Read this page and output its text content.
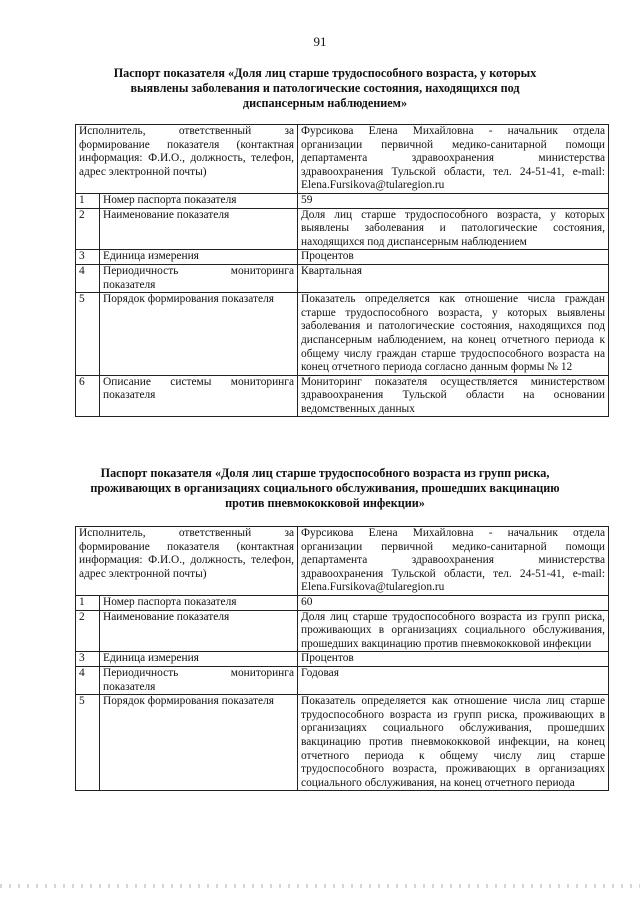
91
Паспорт показателя «Доля лиц старше трудоспособного возраста, у которых выявлены заболевания и патологические состояния, находящихся под диспансерным наблюдением»
Исполнитель, ответственный за формирование показателя (контактная информация: Ф.И.О., должность, телефон, адрес электронной почты)		Фурсикова Елена Михайловна - начальник отдела организации первичной медико-санитарной помощи департамента здравоохранения министерства здравоохранения Тульской области, тел. 24-51-41, e-mail: Elena.Fursikova@tularegion.ru
1	Номер паспорта показателя	59
2	Наименование показателя	Доля лиц старше трудоспособного возраста, у которых выявлены заболевания и патологические состояния, находящихся под диспансерным наблюдением
3	Единица измерения	Процентов
4	Периодичность мониторинга показателя	Квартальная
5	Порядок формирования показателя	Показатель определяется как отношение числа граждан старше трудоспособного возраста, у которых выявлены заболевания и патологические состояния, находящихся под диспансерным наблюдением, на конец отчетного периода к общему числу граждан старше трудоспособного возраста на конец отчетного периода согласно данным формы № 12
6	Описание системы мониторинга показателя	Мониторинг показателя осуществляется министерством здравоохранения Тульской области на основании ведомственных данных
Паспорт показателя «Доля лиц старше трудоспособного возраста из групп риска, проживающих в организациях социального обслуживания, прошедших вакцинацию против пневмококковой инфекции»
Исполнитель, ответственный за формирование показателя (контактная информация: Ф.И.О., должность, телефон, адрес электронной почты)		Фурсикова Елена Михайловна - начальник отдела организации первичной медико-санитарной помощи департамента здравоохранения министерства здравоохранения Тульской области, тел. 24-51-41, e-mail: Elena.Fursikova@tularegion.ru
1	Номер паспорта показателя	60
2	Наименование показателя	Доля лиц старше трудоспособного возраста из групп риска, проживающих в организациях социального обслуживания, прошедших вакцинацию против пневмококковой инфекции
3	Единица измерения	Процентов
4	Периодичность мониторинга показателя	Годовая
5	Порядок формирования показателя	Показатель определяется как отношение числа лиц старше трудоспособного возраста из групп риска, проживающих в организациях социального обслуживания, прошедших вакцинацию против пневмококковой инфекции, на конец отчетного периода к общему числу лиц старше трудоспособного возраста, проживающих в организациях социального обслуживания, на конец отчетного периода
